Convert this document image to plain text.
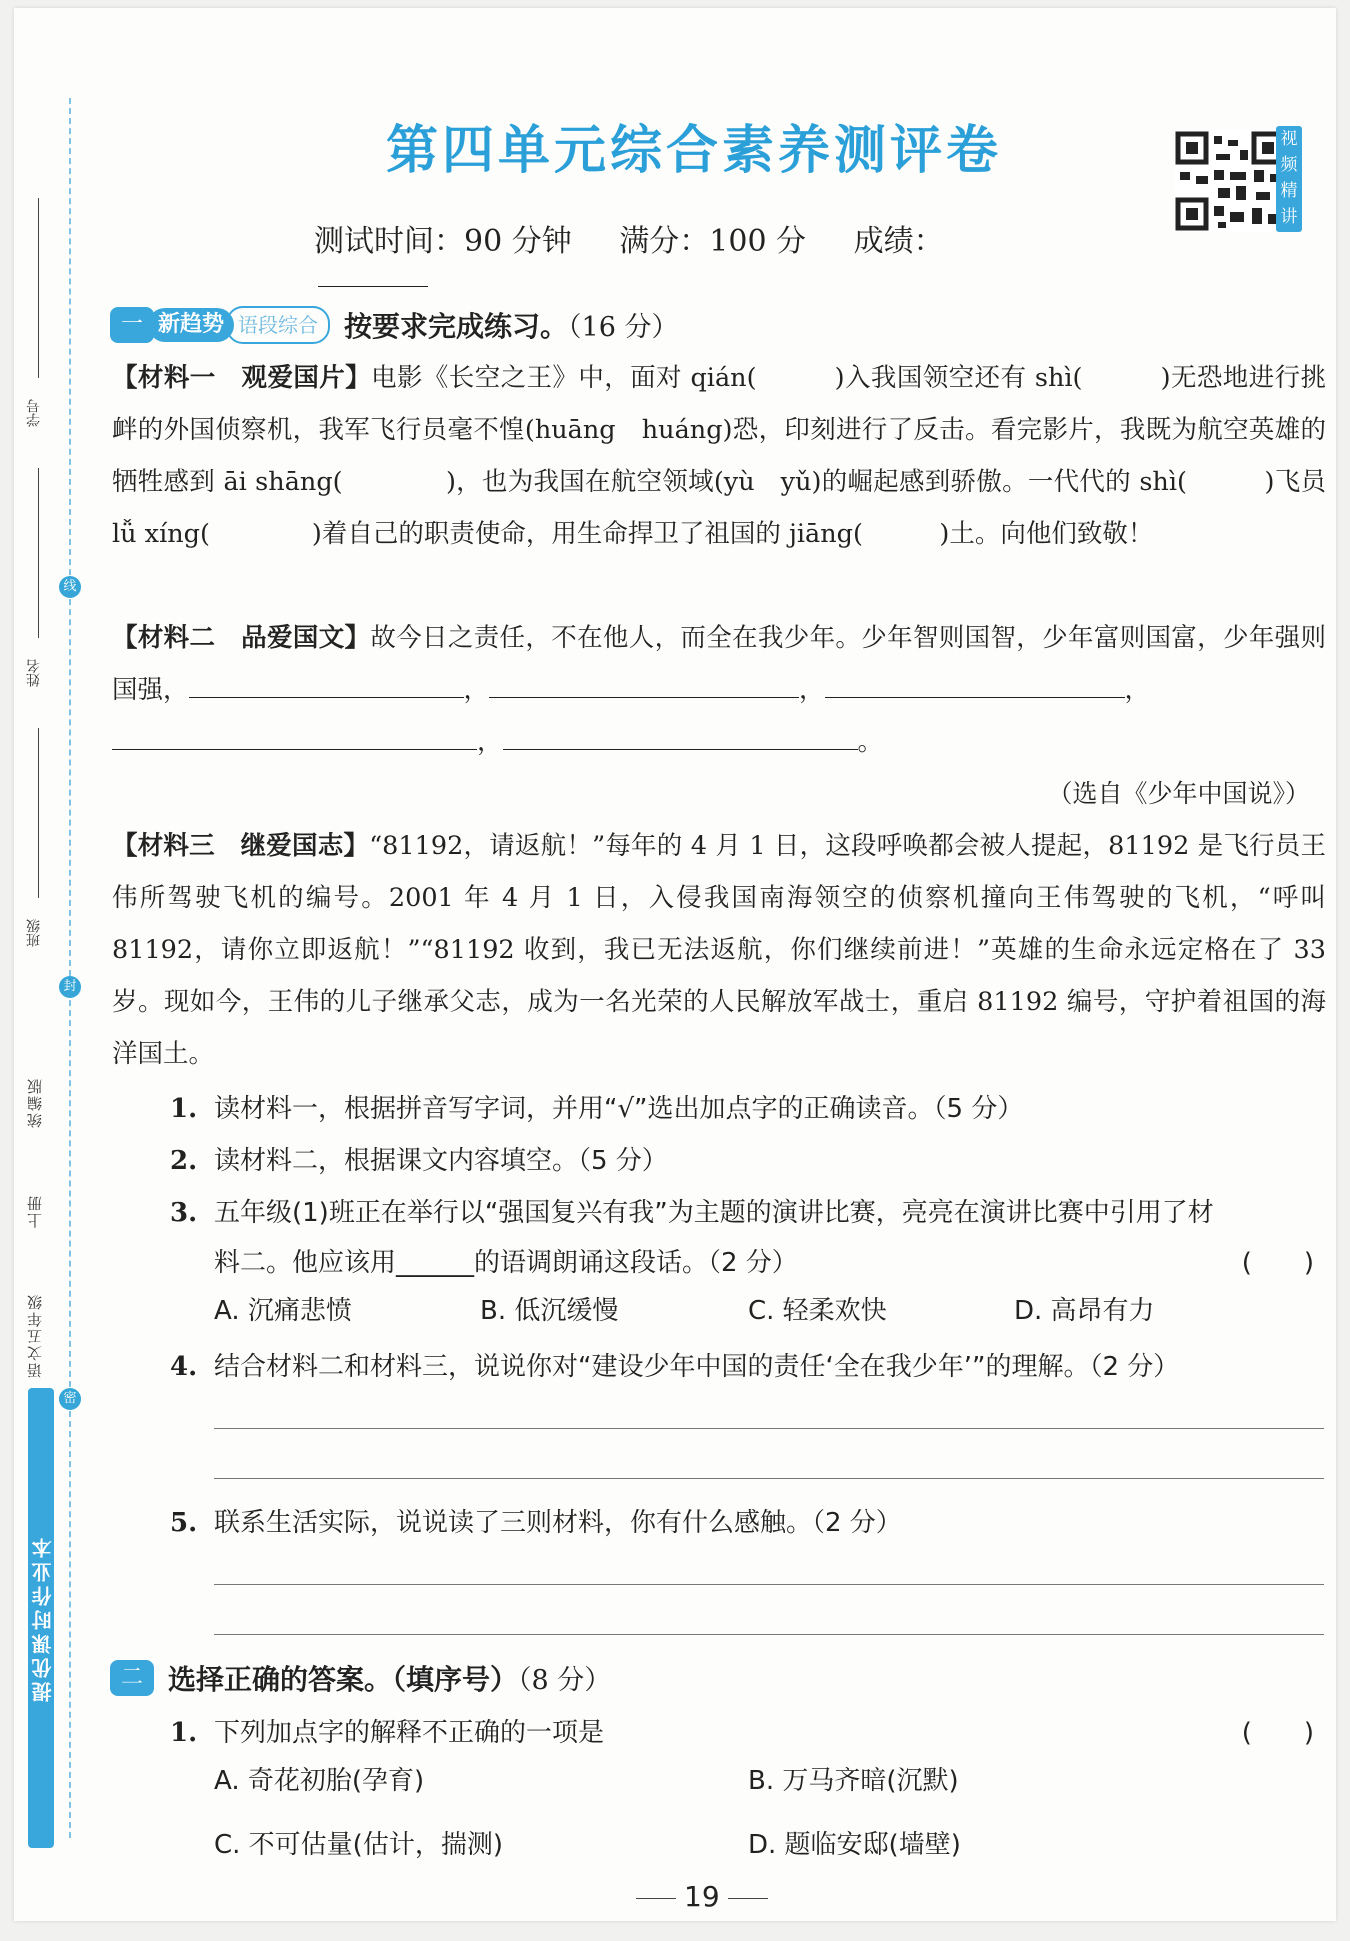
学号
姓名
班级
线
封
密
统编版
上册
语文五年级
提优课时作业本
第四单元综合素养测评卷
测试时间：90 分钟 满分：100 分 成绩：
视频精讲
一 新趋势 语段综合 按要求完成练习。（16 分）
【材料一　观爱国片】电影《长空之王》中，面对 qián(　　　)入我国领空还有 shì(　　　)无恐地进行挑衅的外国侦察机，我军飞行员毫不惶(huāng　huáng)恐，印刻进行了反击。看完影片，我既为航空英雄的牺牲感到 āi shāng(　　　　)，也为我国在航空领域(yù　yǔ)的崛起感到骄傲。一代代的 shì(　　　)飞员 lǚ xíng(　　　　)着自己的职责使命，用生命捍卫了祖国的 jiāng(　　　)土。向他们致敬！
【材料二　品爱国文】故今日之责任，不在他人，而全在我少年。少年智则国智，少年富则国富，少年强则国强，	，	，	，
，	。
（选自《少年中国说》）
【材料三　继爱国志】“81192，请返航！”每年的 4 月 1 日，这段呼唤都会被人提起，81192 是飞行员王伟所驾驶飞机的编号。2001 年 4 月 1 日，入侵我国南海领空的侦察机撞向王伟驾驶的飞机，“呼叫 81192，请你立即返航！”“81192 收到，我已无法返航，你们继续前进！”英雄的生命永远定格在了 33 岁。现如今，王伟的儿子继承父志，成为一名光荣的人民解放军战士，重启 81192 编号，守护着祖国的海洋国土。
1. 读材料一，根据拼音写字词，并用“√”选出加点字的正确读音。（5 分）
2. 读材料二，根据课文内容填空。（5 分）
3. 五年级(1)班正在举行以“强国复兴有我”为主题的演讲比赛，亮亮在演讲比赛中引用了材料二。他应该用______的语调朗诵这段话。（2 分）	(　　)
A. 沉痛悲愤	B. 低沉缓慢	C. 轻柔欢快	D. 高昂有力
4. 结合材料二和材料三，说说你对“建设少年中国的责任‘全在我少年’”的理解。（2 分）
5. 联系生活实际，说说读了三则材料，你有什么感触。（2 分）
二 选择正确的答案。（填序号）（8 分）
1. 下列加点字的解释不正确的一项是	(　　)
A. 奇花初胎(孕育)	B. 万马齐暗(沉默)
C. 不可估量(估计，揣测)	D. 题临安邸(墙壁)
19
